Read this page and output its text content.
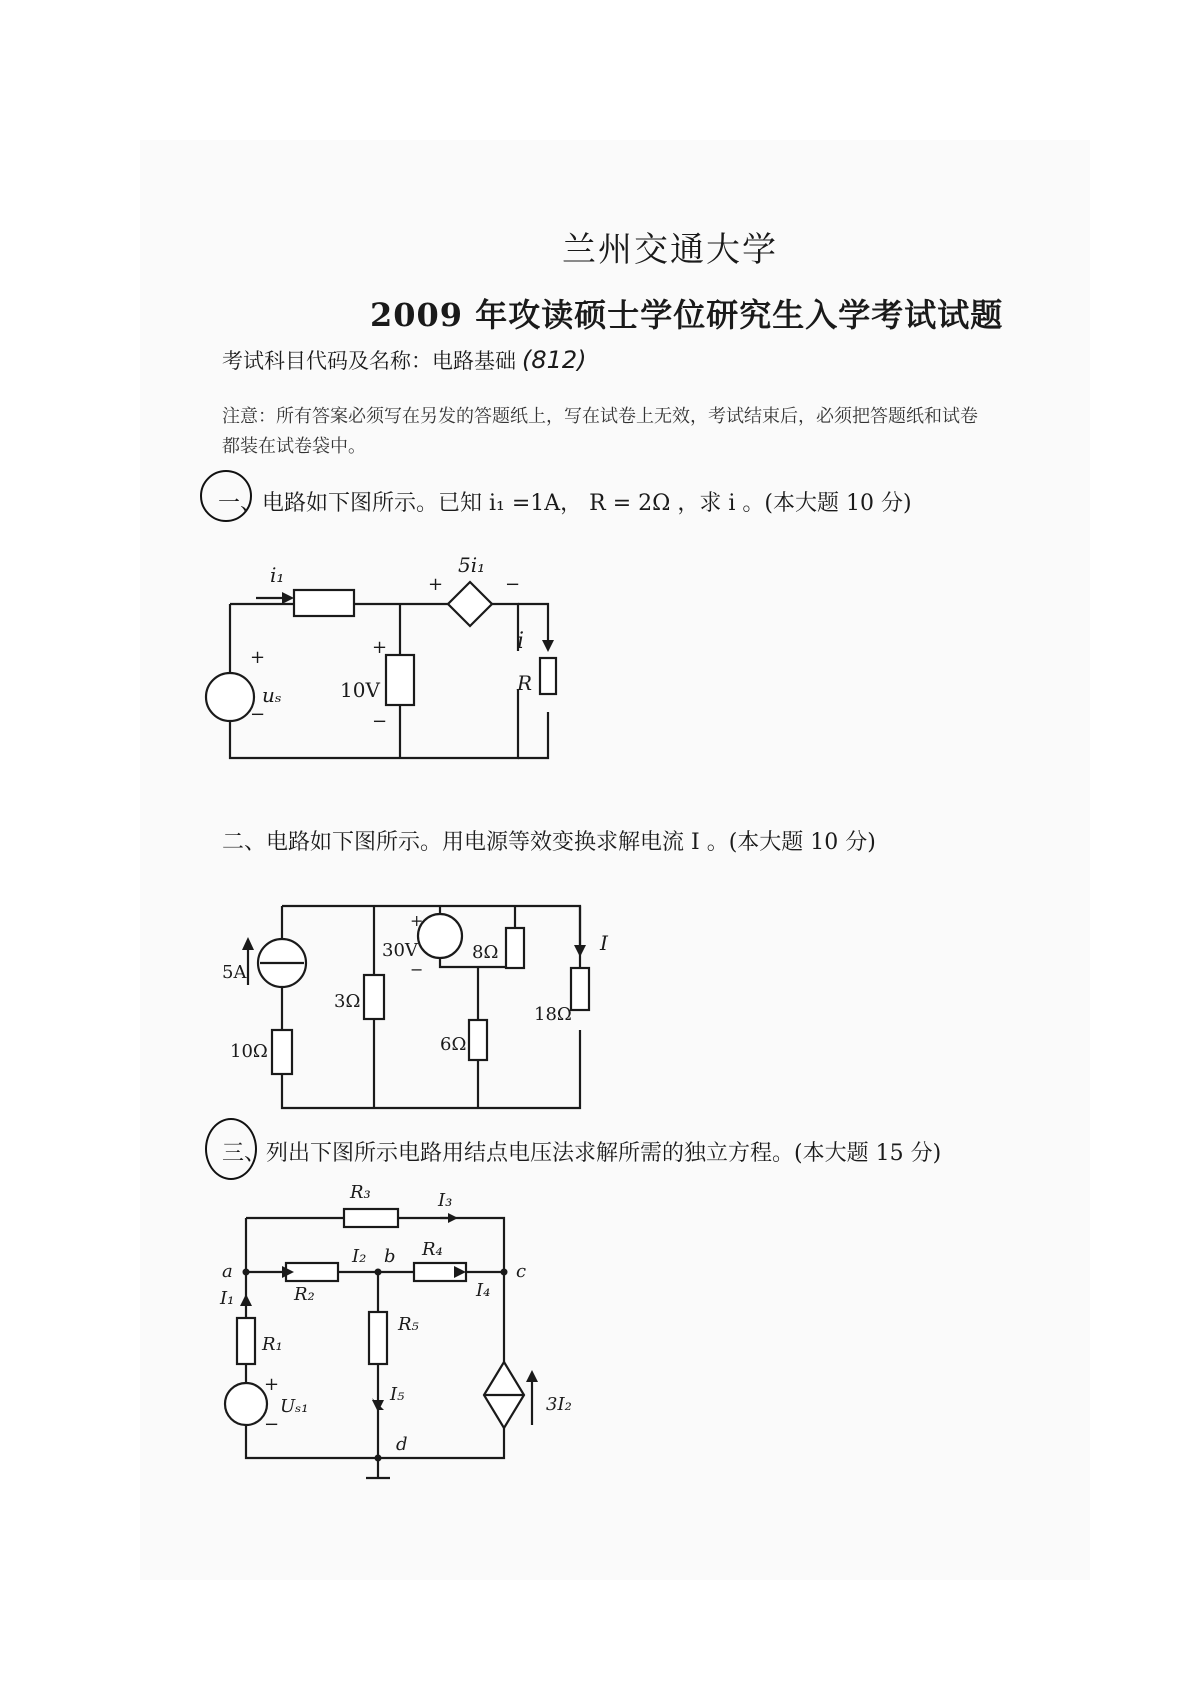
兰州交通大学
2009 年攻读硕士学位研究生入学考试试题
考试科目代码及名称：电路基础 (812)
注意：所有答案必须写在另发的答题纸上，写在试卷上无效，考试结束后，必须把答题纸和试卷
都装在试卷袋中。
一、电路如下图所示。已知 i₁ =1A， R = 2Ω ，求 i 。(本大题 10 分)
i₁	5i₁
+	−
+
−
uₛ
+
−
10V
i
R
二、电路如下图所示。用电源等效变换求解电流 I 。(本大题 10 分)
5A
10Ω
3Ω
+
30V
−
8Ω
6Ω
18Ω
I
三、列出下图所示电路用结点电压法求解所需的独立方程。(本大题 15 分)
R₃	I₃
a
I₂ b R₄
c
R₂	I₄
I₁
R₅
R₁
+
−
Uₛ₁
I₅	3I₂
d
